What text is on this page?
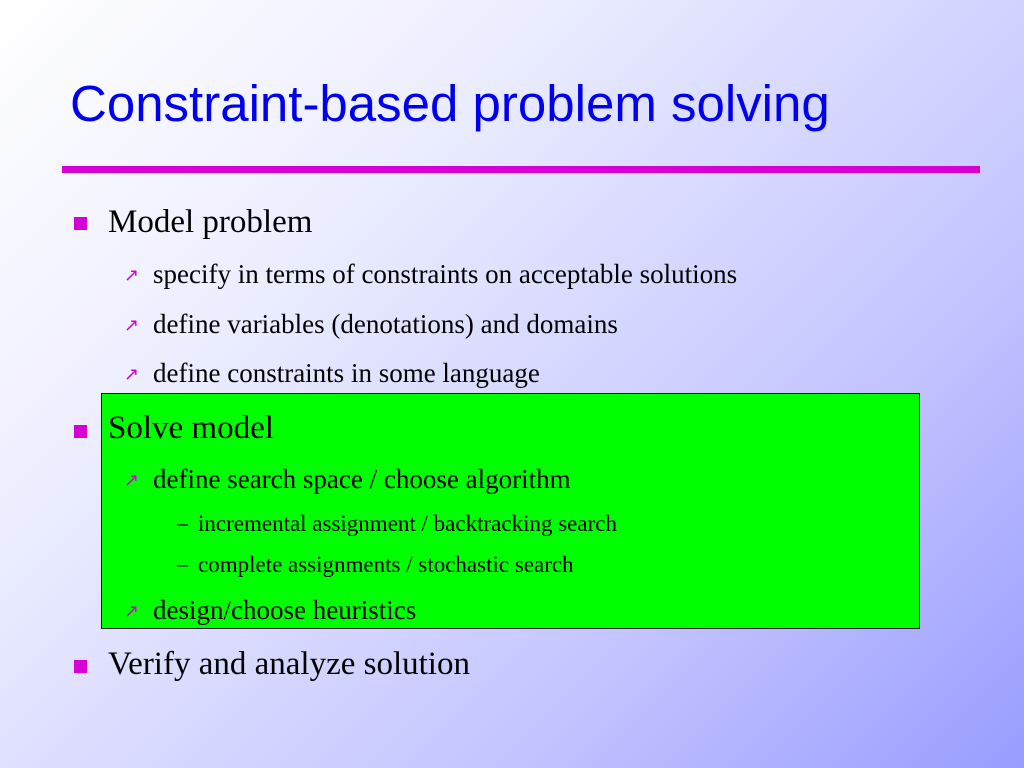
Constraint-based problem solving
Model problem
↗ specify in terms of constraints on acceptable solutions
↗ define variables (denotations) and domains
↗ define constraints in some language
Solve model
↗ define search space / choose algorithm
– incremental assignment / backtracking search
– complete assignments / stochastic search
↗ design/choose heuristics
Verify and analyze solution
